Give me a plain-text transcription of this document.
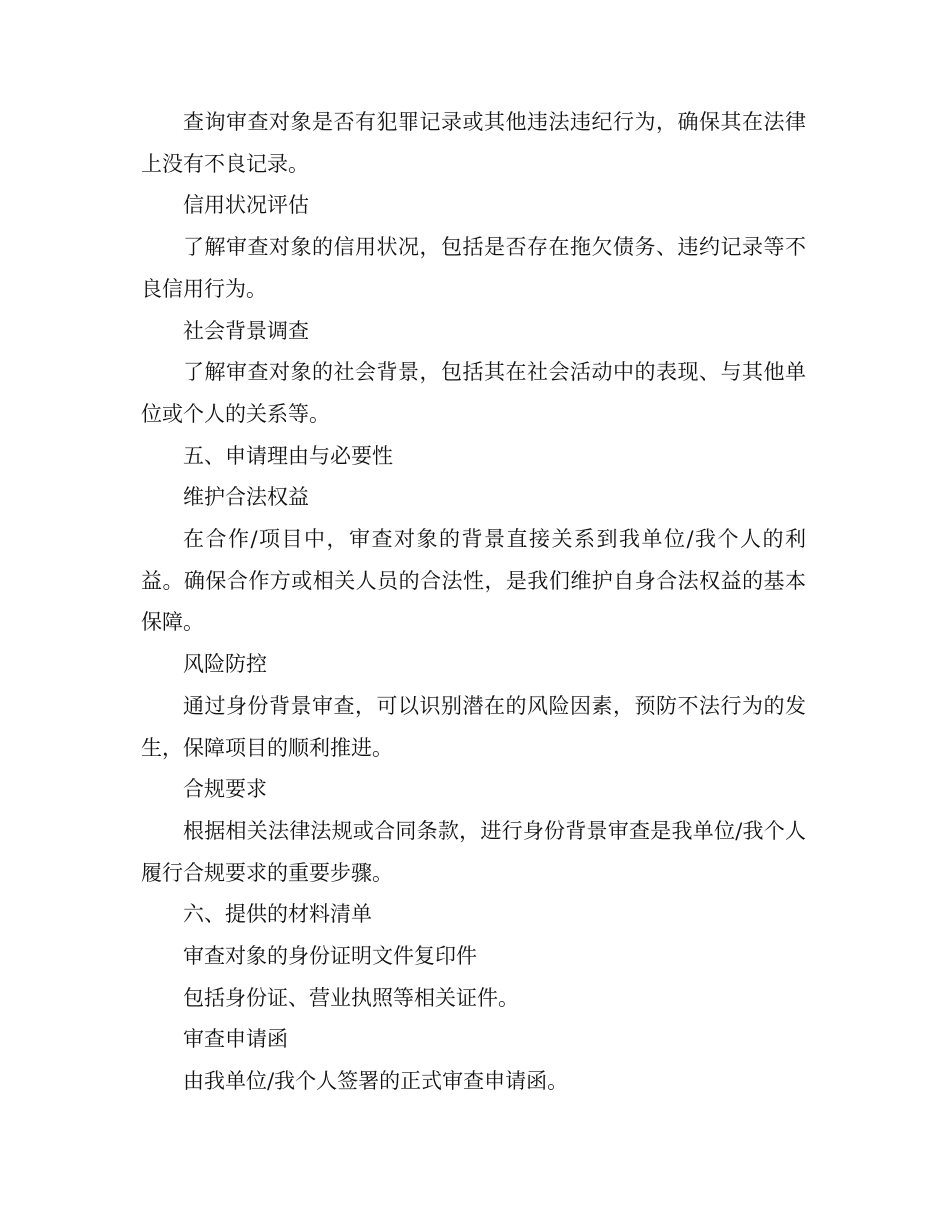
查询审查对象是否有犯罪记录或其他违法违纪行为，确保其在法律上没有不良记录。

信用状况评估

了解审查对象的信用状况，包括是否存在拖欠债务、违约记录等不良信用行为。

社会背景调查

了解审查对象的社会背景，包括其在社会活动中的表现、与其他单位或个人的关系等。

五、申请理由与必要性

维护合法权益

在合作/项目中，审查对象的背景直接关系到我单位/我个人的利益。确保合作方或相关人员的合法性，是我们维护自身合法权益的基本保障。

风险防控

通过身份背景审查，可以识别潜在的风险因素，预防不法行为的发生，保障项目的顺利推进。

合规要求

根据相关法律法规或合同条款，进行身份背景审查是我单位/我个人履行合规要求的重要步骤。

六、提供的材料清单

审查对象的身份证明文件复印件

包括身份证、营业执照等相关证件。

审查申请函

由我单位/我个人签署的正式审查申请函。
